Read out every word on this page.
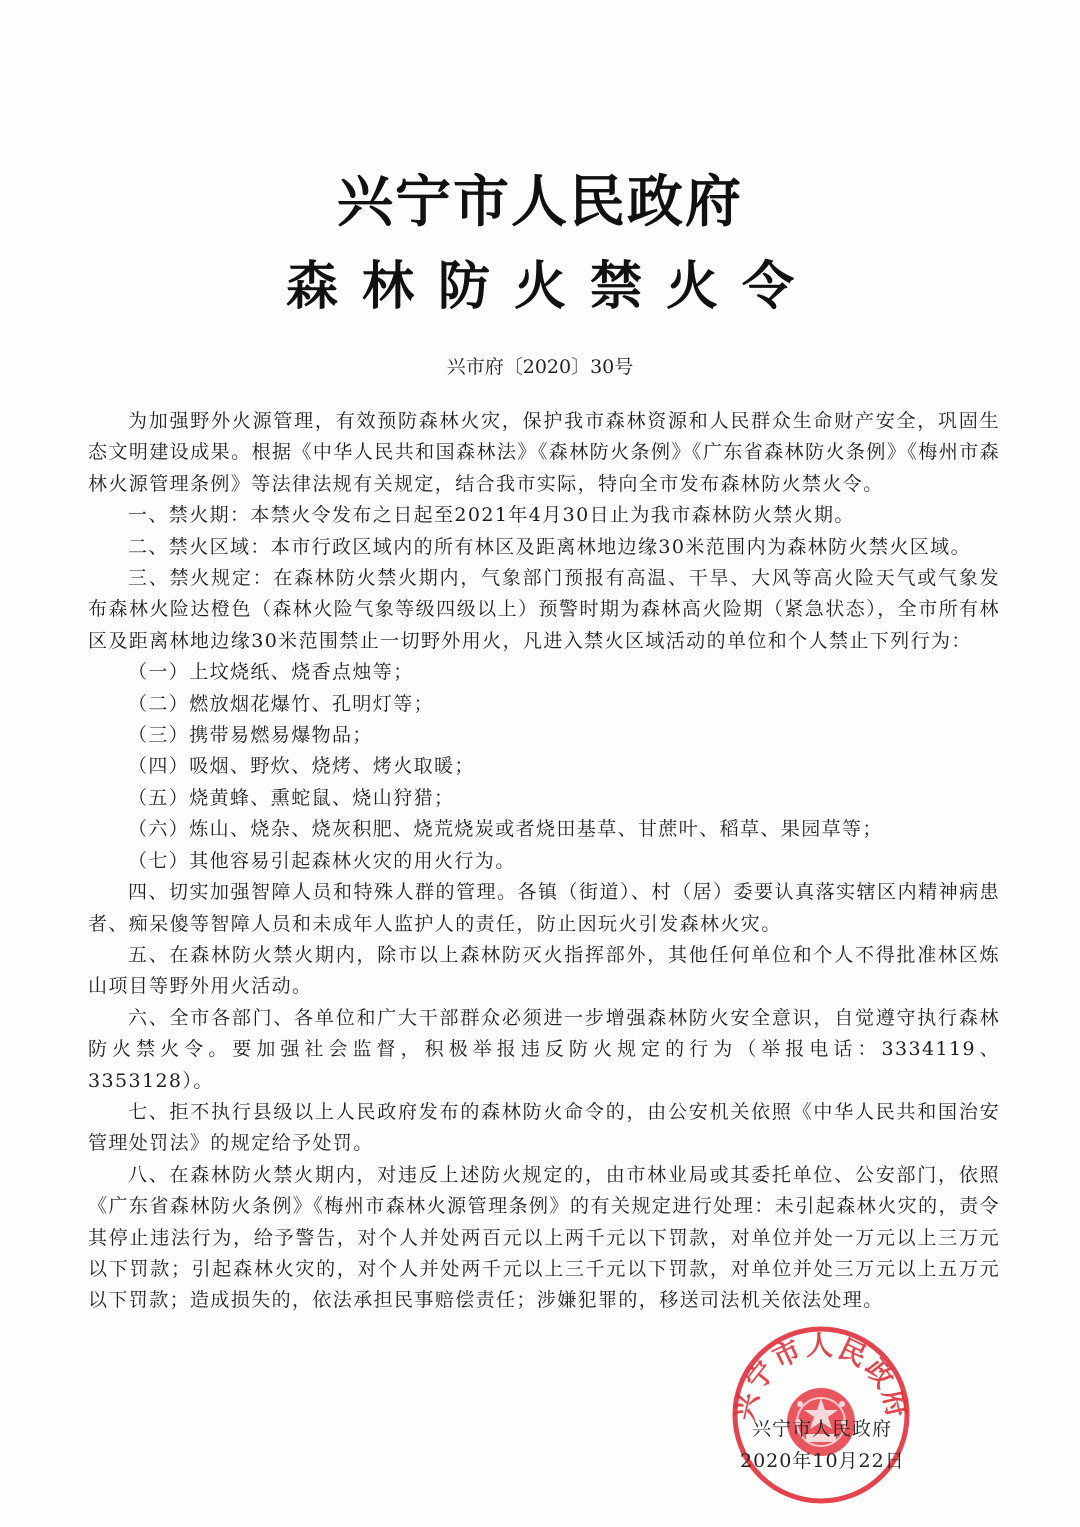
兴宁市人民政府
森林防火禁火令
兴市府〔2020〕30号

为加强野外火源管理，有效预防森林火灾，保护我市森林资源和人民群众生命财产安全，巩固生态文明建设成果。根据《中华人民共和国森林法》《森林防火条例》《广东省森林防火条例》《梅州市森林火源管理条例》等法律法规有关规定，结合我市实际，特向全市发布森林防火禁火令。

一、禁火期：本禁火令发布之日起至2021年4月30日止为我市森林防火禁火期。

二、禁火区域：本市行政区域内的所有林区及距离林地边缘30米范围内为森林防火禁火区域。

三、禁火规定：在森林防火禁火期内，气象部门预报有高温、干旱、大风等高火险天气或气象发布森林火险达橙色（森林火险气象等级四级以上）预警时期为森林高火险期（紧急状态），全市所有林区及距离林地边缘30米范围禁止一切野外用火，凡进入禁火区域活动的单位和个人禁止下列行为：

（一）上坟烧纸、烧香点烛等；

（二）燃放烟花爆竹、孔明灯等；

（三）携带易燃易爆物品；

（四）吸烟、野炊、烧烤、烤火取暖；

（五）烧黄蜂、熏蛇鼠、烧山狩猎；

（六）炼山、烧杂、烧灰积肥、烧荒烧炭或者烧田基草、甘蔗叶、稻草、果园草等；

（七）其他容易引起森林火灾的用火行为。

四、切实加强智障人员和特殊人群的管理。各镇（街道）、村（居）委要认真落实辖区内精神病患者、痴呆傻等智障人员和未成年人监护人的责任，防止因玩火引发森林火灾。

五、在森林防火禁火期内，除市以上森林防灭火指挥部外，其他任何单位和个人不得批准林区炼山项目等野外用火活动。

六、全市各部门、各单位和广大干部群众必须进一步增强森林防火安全意识，自觉遵守执行森林防火禁火令。要加强社会监督，积极举报违反防火规定的行为（举报电话：3334119、3353128）。

七、拒不执行县级以上人民政府发布的森林防火命令的，由公安机关依照《中华人民共和国治安管理处罚法》的规定给予处罚。

八、在森林防火禁火期内，对违反上述防火规定的，由市林业局或其委托单位、公安部门，依照《广东省森林防火条例》《梅州市森林火源管理条例》的有关规定进行处理：未引起森林火灾的，责令其停止违法行为，给予警告，对个人并处两百元以上两千元以下罚款，对单位并处一万元以上三万元以下罚款；引起森林火灾的，对个人并处两千元以上三千元以下罚款，对单位并处三万元以上五万元以下罚款；造成损失的，依法承担民事赔偿责任；涉嫌犯罪的，移送司法机关依法处理。

兴宁市人民政府
兴宁市人民政府
2020年10月22日
